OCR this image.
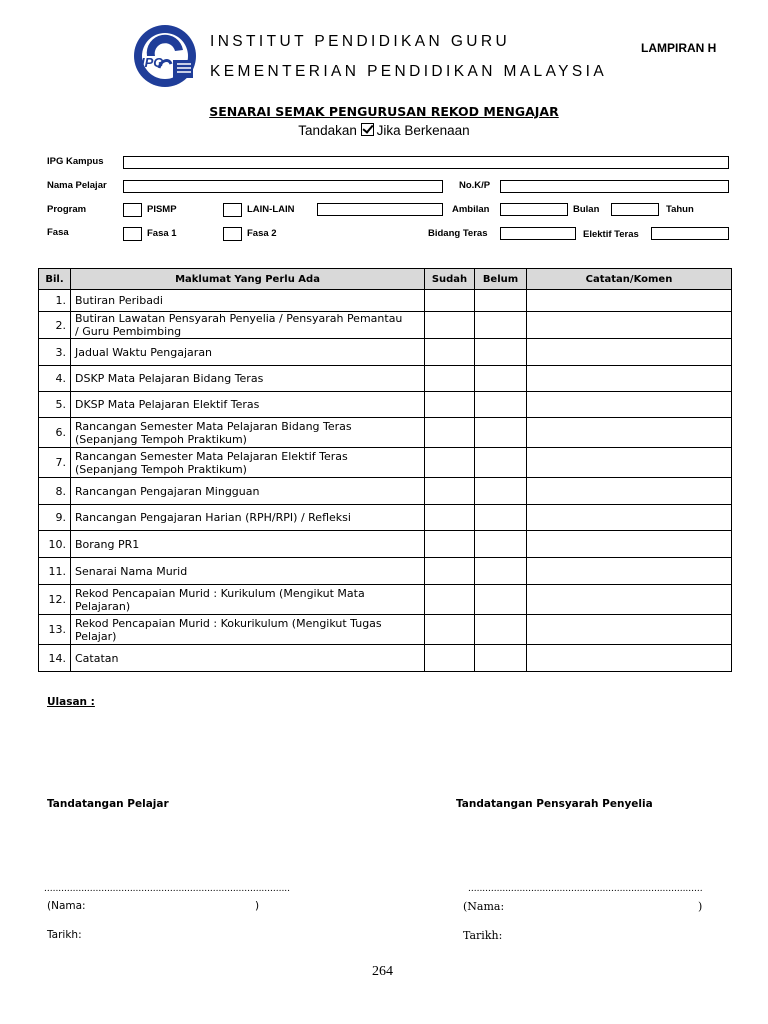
IPG
INSTITUT PENDIDIKAN GURU
KEMENTERIAN PENDIDIKAN MALAYSIA
LAMPIRAN H
SENARAI SEMAK PENGURUSAN REKOD MENGAJAR
Tandakan Jika Berkenaan
IPG Kampus
Nama Pelajar	No.K/P
Program	PISMP	LAIN-LAIN	Ambilan	Bulan	Tahun
Fasa	Fasa 1	Fasa 2	Bidang Teras	Elektif Teras
Bil.	Maklumat Yang Perlu Ada	Sudah	Belum	Catatan/Komen
1.	Butiran Peribadi			

2.	Butiran Lawatan Pensyarah Penyelia / Pensyarah Pemantau
/ Guru Pembimbing			

3.	Jadual Waktu Pengajaran			

4.	DSKP Mata Pelajaran Bidang Teras			

5.	DKSP Mata Pelajaran Elektif Teras			

6.	Rancangan Semester Mata Pelajaran Bidang Teras
(Sepanjang Tempoh Praktikum)			

7.	Rancangan Semester Mata Pelajaran Elektif Teras
(Sepanjang Tempoh Praktikum)			

8.	Rancangan Pengajaran Mingguan			

9.	Rancangan Pengajaran Harian (RPH/RPI) / Refleksi			

10.	Borang PR1			

11.	Senarai Nama Murid			

12.	Rekod Pencapaian Murid : Kurikulum (Mengikut Mata
Pelajaran)			

13.	Rekod Pencapaian Murid : Kokurikulum (Mengikut Tugas
Pelajar)			

14.	Catatan			

Ulasan :
Tandatangan Pelajar	Tandatangan Pensyarah Penyelia
......................................................................................	..................................................................................
(Nama:	)	(Nama:	)
Tarikh:	Tarikh:
264
